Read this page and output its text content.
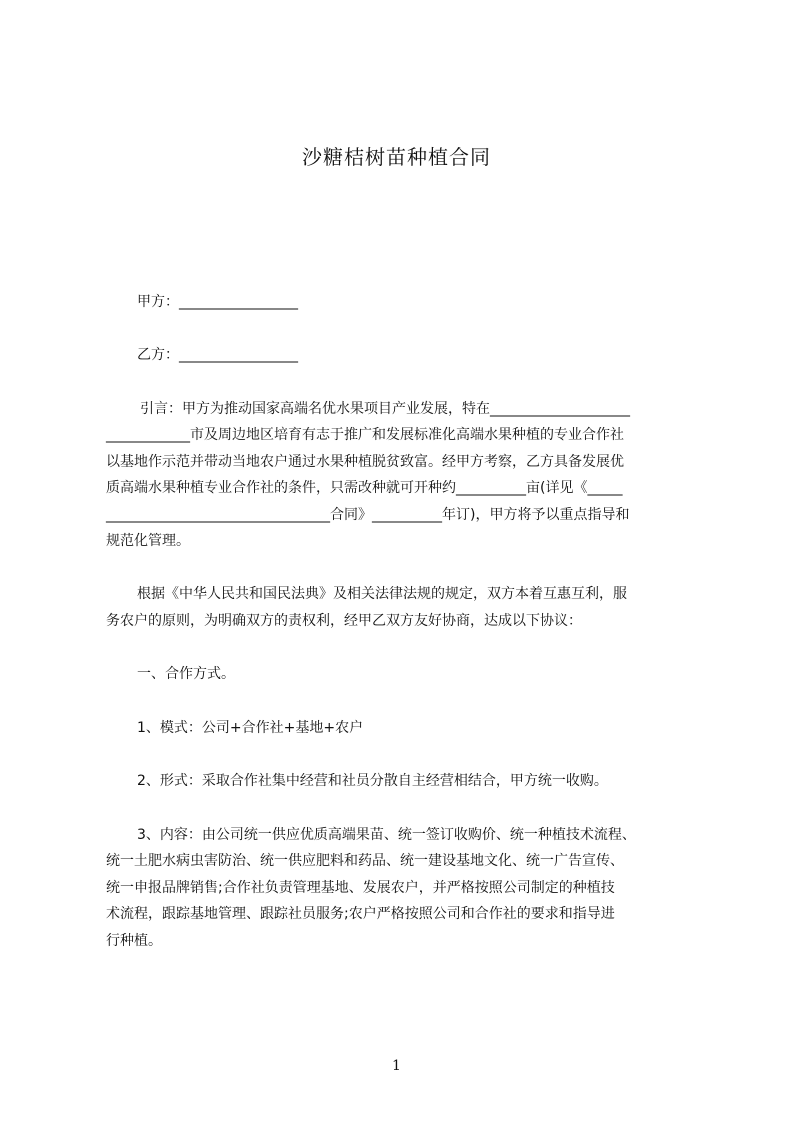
沙糖桔树苗种植合同
甲方：_________________
乙方：_________________
引言：甲方为推动国家高端名优水果项目产业发展，特在____________________
____________市及周边地区培育有志于推广和发展标准化高端水果种植的专业合作社
以基地作示范并带动当地农户通过水果种植脱贫致富。经甲方考察，乙方具备发展优
质高端水果种植专业合作社的条件，只需改种就可开种约__________亩(详见《_____
________________________________合同》__________年订)，甲方将予以重点指导和
规范化管理。
根据《中华人民共和国民法典》及相关法律法规的规定，双方本着互惠互利，服
务农户的原则，为明确双方的责权利，经甲乙双方友好协商，达成以下协议：
一、合作方式。
1、模式：公司+合作社+基地+农户
2、形式：采取合作社集中经营和社员分散自主经营相结合，甲方统一收购。
3、内容：由公司统一供应优质高端果苗、统一签订收购价、统一种植技术流程、
统一土肥水病虫害防治、统一供应肥料和药品、统一建设基地文化、统一广告宣传、
统一申报品牌销售;合作社负责管理基地、发展农户，并严格按照公司制定的种植技
术流程，跟踪基地管理、跟踪社员服务;农户严格按照公司和合作社的要求和指导进
行种植。
1
